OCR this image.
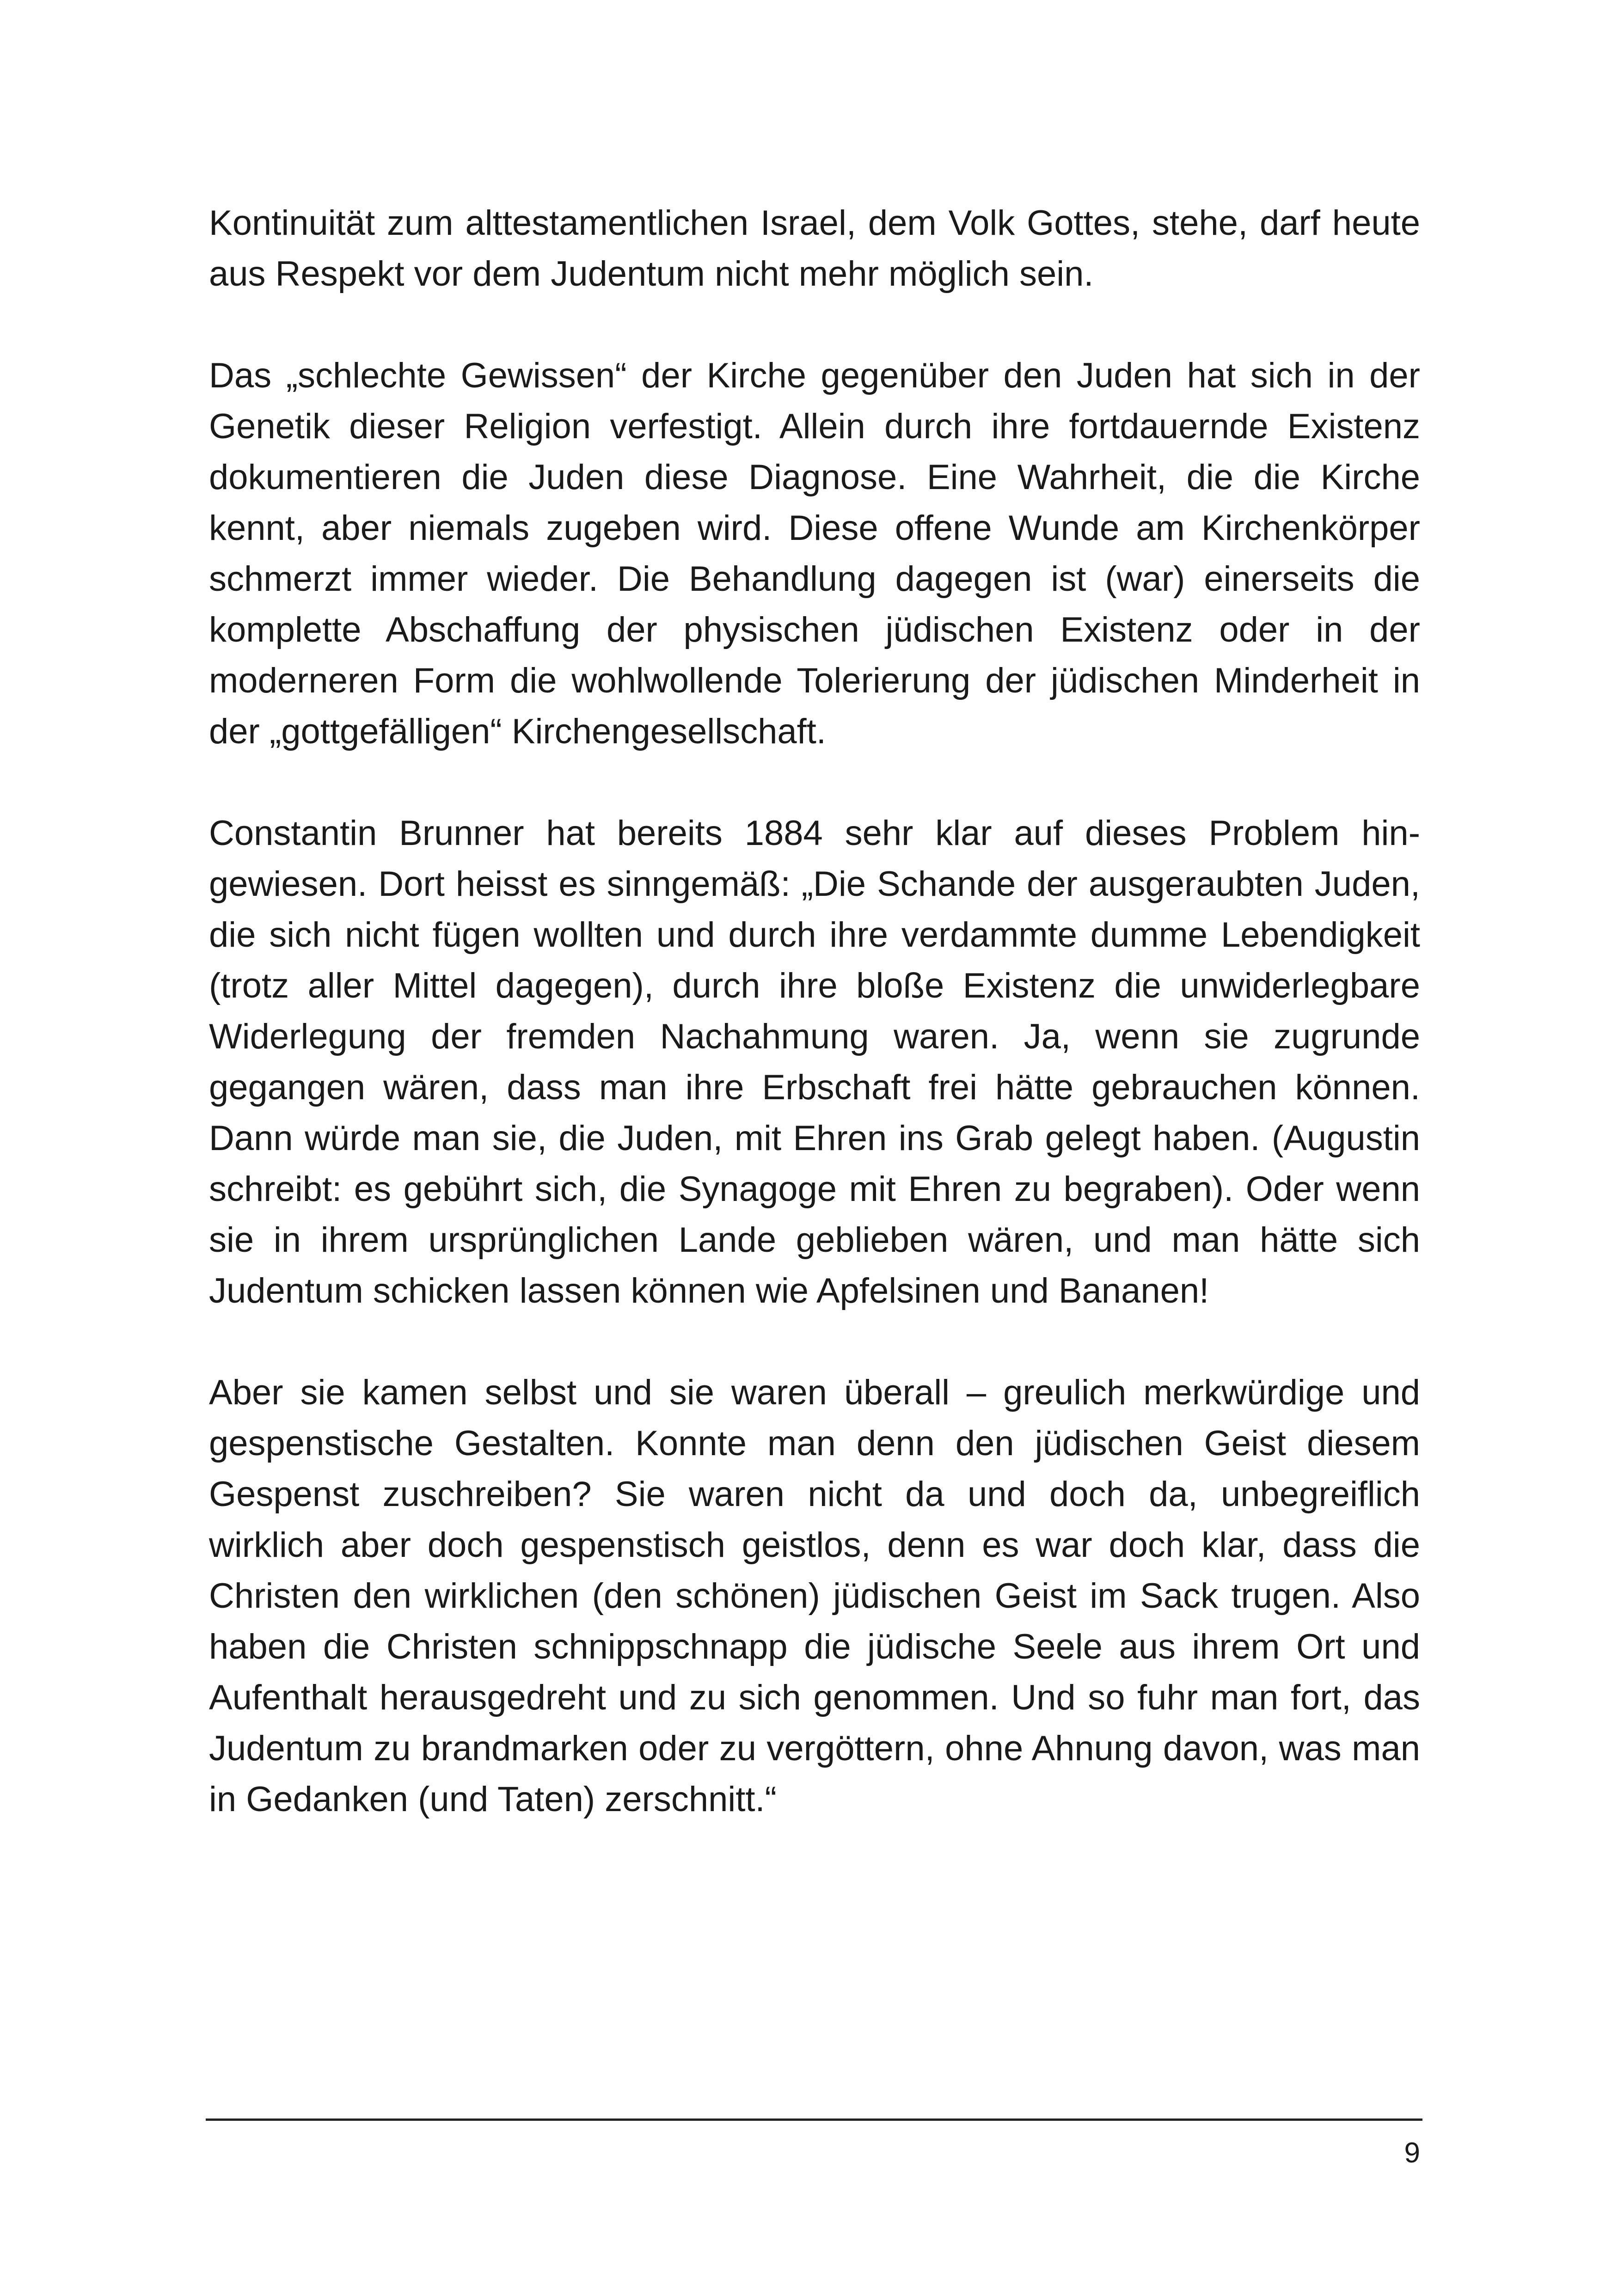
Kontinuität zum alttestamentlichen Israel, dem Volk Gottes, stehe, darf heute aus Respekt vor dem Judentum nicht mehr möglich sein.

Das „schlechte Gewissen“ der Kirche gegenüber den Juden hat sich in der Genetik dieser Religion verfestigt. Allein durch ihre fortdauernde Existenz dokumentieren die Juden diese Diagnose. Eine Wahrheit, die die Kirche kennt, aber niemals zugeben wird. Diese offene Wunde am Kirchenkörper schmerzt immer wieder. Die Behandlung dagegen ist (war) einerseits die komplette Abschaffung der physischen jüdischen Existenz oder in der moderneren Form die wohlwollende Tolerierung der jüdischen Minderheit in der „gottgefälligen“ Kirchengesellschaft.

Constantin Brunner hat bereits 1884 sehr klar auf dieses Problem hingewiesen. Dort heisst es sinngemäß: „Die Schande der ausgeraubten Juden, die sich nicht fügen wollten und durch ihre verdammte dumme Lebendigkeit (trotz aller Mittel dagegen), durch ihre bloße Existenz die unwiderlegbare Widerlegung der fremden Nachahmung waren. Ja, wenn sie zugrunde gegangen wären, dass man ihre Erbschaft frei hätte gebrauchen können. Dann würde man sie, die Juden, mit Ehren ins Grab gelegt haben. (Augustin schreibt: es gebührt sich, die Synagoge mit Ehren zu begraben). Oder wenn sie in ihrem ursprünglichen Lande geblieben wären, und man hätte sich Judentum schicken lassen können wie Apfelsinen und Bananen!

Aber sie kamen selbst und sie waren überall – greulich merkwürdige und gespenstische Gestalten. Konnte man denn den jüdischen Geist diesem Gespenst zuschreiben? Sie waren nicht da und doch da, unbegreiflich wirklich aber doch gespenstisch geistlos, denn es war doch klar, dass die Christen den wirklichen (den schönen) jüdischen Geist im Sack trugen. Also haben die Christen schnippschnapp die jüdische Seele aus ihrem Ort und Aufenthalt herausgedreht und zu sich genommen. Und so fuhr man fort, das Judentum zu brandmarken oder zu vergöttern, ohne Ahnung davon, was man in Gedanken (und Taten) zerschnitt.“

9
